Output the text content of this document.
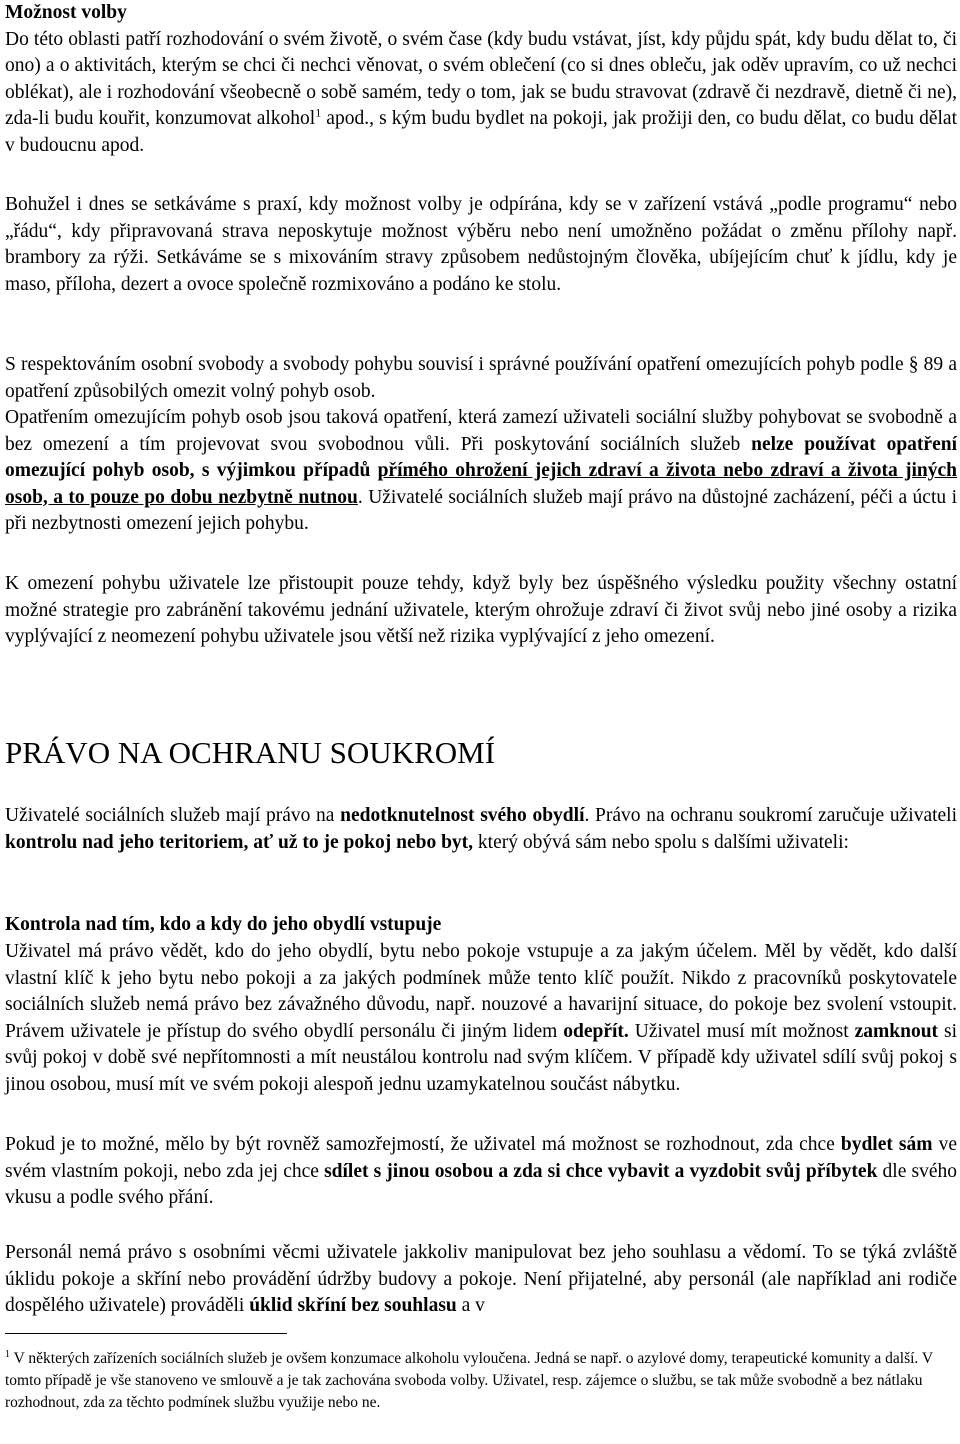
Možnost volby

Do této oblasti patří rozhodování o svém životě, o svém čase (kdy budu vstávat, jíst, kdy půjdu spát, kdy budu dělat to, či ono) a o aktivitách, kterým se chci či nechci věnovat, o svém oblečení (co si dnes obleču, jak oděv upravím, co už nechci oblékat), ale i rozhodování všeobecně o sobě samém, tedy o tom, jak se budu stravovat (zdravě či nezdravě, dietně či ne), zda-li budu kouřit, konzumovat alkohol$^1$ apod., s kým budu bydlet na pokoji, jak prožiji den, co budu dělat, co budu dělat v budoucnu apod.

Bohužel i dnes se setkáváme s praxí, kdy možnost volby je odpírána, kdy se v zařízení vstává „podle programu“ nebo „řádu“, kdy připravovaná strava neposkytuje možnost výběru nebo není umožněno požádat o změnu přílohy např. brambory za rýži. Setkáváme se s mixováním stravy způsobem nedůstojným člověka, ubíjejícím chuť k jídlu, kdy je maso, příloha, dezert a ovoce společně rozmixováno a podáno ke stolu.

S respektováním osobní svobody a svobody pohybu souvisí i správné používání opatření omezujících pohyb podle § 89 a opatření způsobilých omezit volný pohyb osob.

Opatřením omezujícím pohyb osob jsou taková opatření, která zamezí uživateli sociální služby pohybovat se svobodně a bez omezení a tím projevovat svou svobodnou vůli. Při poskytování sociálních služeb nelze používat opatření omezující pohyb osob, s výjimkou případů přímého ohrožení jejich zdraví a života nebo zdraví a života jiných osob, a to pouze po dobu nezbytně nutnou. Uživatelé sociálních služeb mají právo na důstojné zacházení, péči a úctu i při nezbytnosti omezení jejich pohybu.

K omezení pohybu uživatele lze přistoupit pouze tehdy, když byly bez úspěšného výsledku použity všechny ostatní možné strategie pro zabránění takovému jednání uživatele, kterým ohrožuje zdraví či život svůj nebo jiné osoby a rizika vyplývající z neomezení pohybu uživatele jsou větší než rizika vyplývající z jeho omezení.

PRÁVO NA OCHRANU SOUKROMÍ

Uživatelé sociálních služeb mají právo na nedotknutelnost svého obydlí. Právo na ochranu soukromí zaručuje uživateli kontrolu nad jeho teritoriem, ať už to je pokoj nebo byt, který obývá sám nebo spolu s dalšími uživateli:

Kontrola nad tím, kdo a kdy do jeho obydlí vstupuje

Uživatel má právo vědět, kdo do jeho obydlí, bytu nebo pokoje vstupuje a za jakým účelem. Měl by vědět, kdo další vlastní klíč k jeho bytu nebo pokoji a za jakých podmínek může tento klíč použít. Nikdo z pracovníků poskytovatele sociálních služeb nemá právo bez závažného důvodu, např. nouzové a havarijní situace, do pokoje bez svolení vstoupit. Právem uživatele je přístup do svého obydlí personálu či jiným lidem odepřít. Uživatel musí mít možnost zamknout si svůj pokoj v době své nepřítomnosti a mít neustálou kontrolu nad svým klíčem. V případě kdy uživatel sdílí svůj pokoj s jinou osobou, musí mít ve svém pokoji alespoň jednu uzamykatelnou součást nábytku.

Pokud je to možné, mělo by být rovněž samozřejmostí, že uživatel má možnost se rozhodnout, zda chce bydlet sám ve svém vlastním pokoji, nebo zda jej chce sdílet s jinou osobou a zda si chce vybavit a vyzdobit svůj příbytek dle svého vkusu a podle svého přání.

Personál nemá právo s osobními věcmi uživatele jakkoliv manipulovat bez jeho souhlasu a vědomí. To se týká zvláště úklidu pokoje a skříní nebo provádění údržby budovy a pokoje. Není přijatelné, aby personál (ale například ani rodiče dospělého uživatele) prováděli úklid skříní bez souhlasu a v

$^1$ V některých zařízeních sociálních služeb je ovšem konzumace alkoholu vyloučena. Jedná se např. o azylové domy, terapeutické komunity a další. V tomto případě je vše stanoveno ve smlouvě a je tak zachována svoboda volby. Uživatel, resp. zájemce o službu, se tak může svobodně a bez nátlaku rozhodnout, zda za těchto podmínek službu využije nebo ne.
